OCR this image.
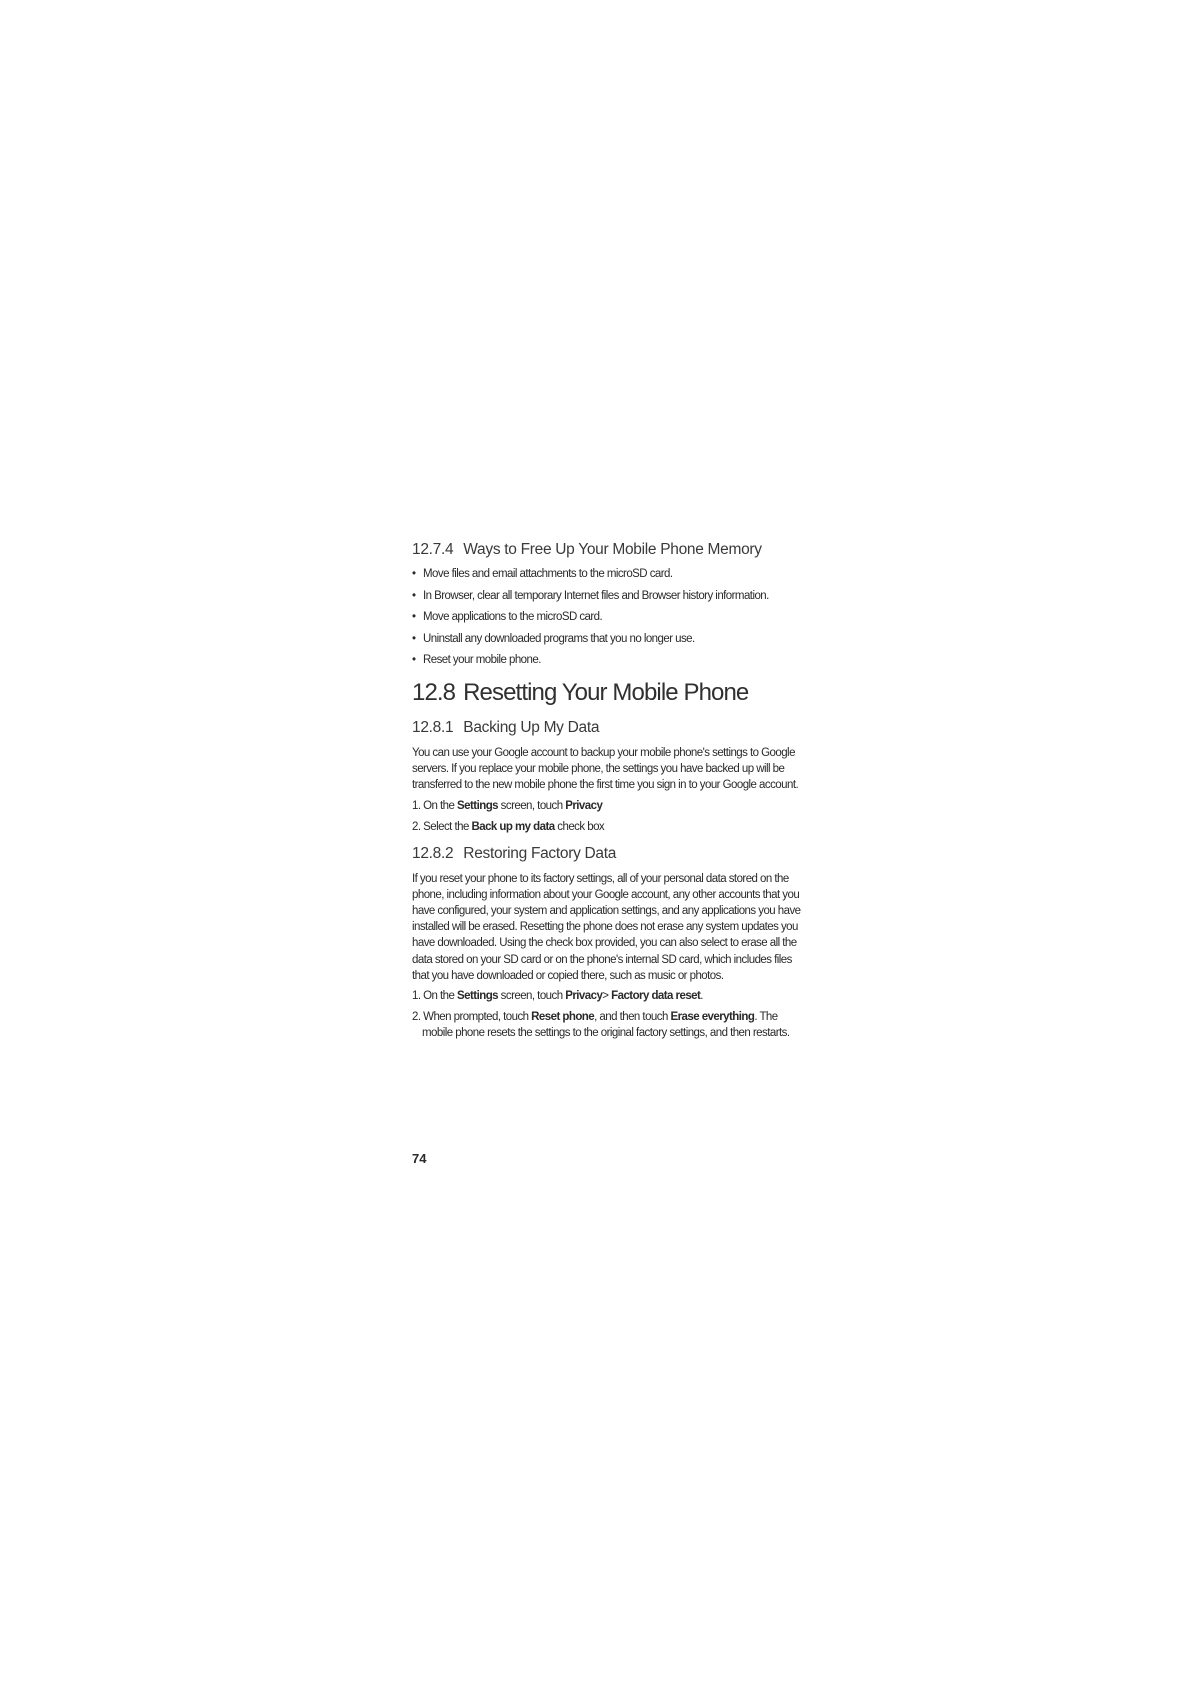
12.7.4 Ways to Free Up Your Mobile Phone Memory
• Move files and email attachments to the microSD card.
• In Browser, clear all temporary Internet files and Browser history information.
• Move applications to the microSD card.
• Uninstall any downloaded programs that you no longer use.
• Reset your mobile phone.
12.8 Resetting Your Mobile Phone
12.8.1 Backing Up My Data

You can use your Google account to backup your mobile phone's settings to Google
servers. If you replace your mobile phone, the settings you have backed up will be
transferred to the new mobile phone the first time you sign in to your Google account.

1. On the Settings screen, touch Privacy
2. Select the Back up my data check box
12.8.2 Restoring Factory Data

If you reset your phone to its factory settings, all of your personal data stored on the
phone, including information about your Google account, any other accounts that you
have configured, your system and application settings, and any applications you have
installed will be erased. Resetting the phone does not erase any system updates you
have downloaded. Using the check box provided, you can also select to erase all the
data stored on your SD card or on the phone's internal SD card, which includes files
that you have downloaded or copied there, such as music or photos.

1. On the Settings screen, touch Privacy> Factory data reset.
2. When prompted, touch Reset phone, and then touch Erase everything. The
mobile phone resets the settings to the original factory settings, and then restarts.
74
